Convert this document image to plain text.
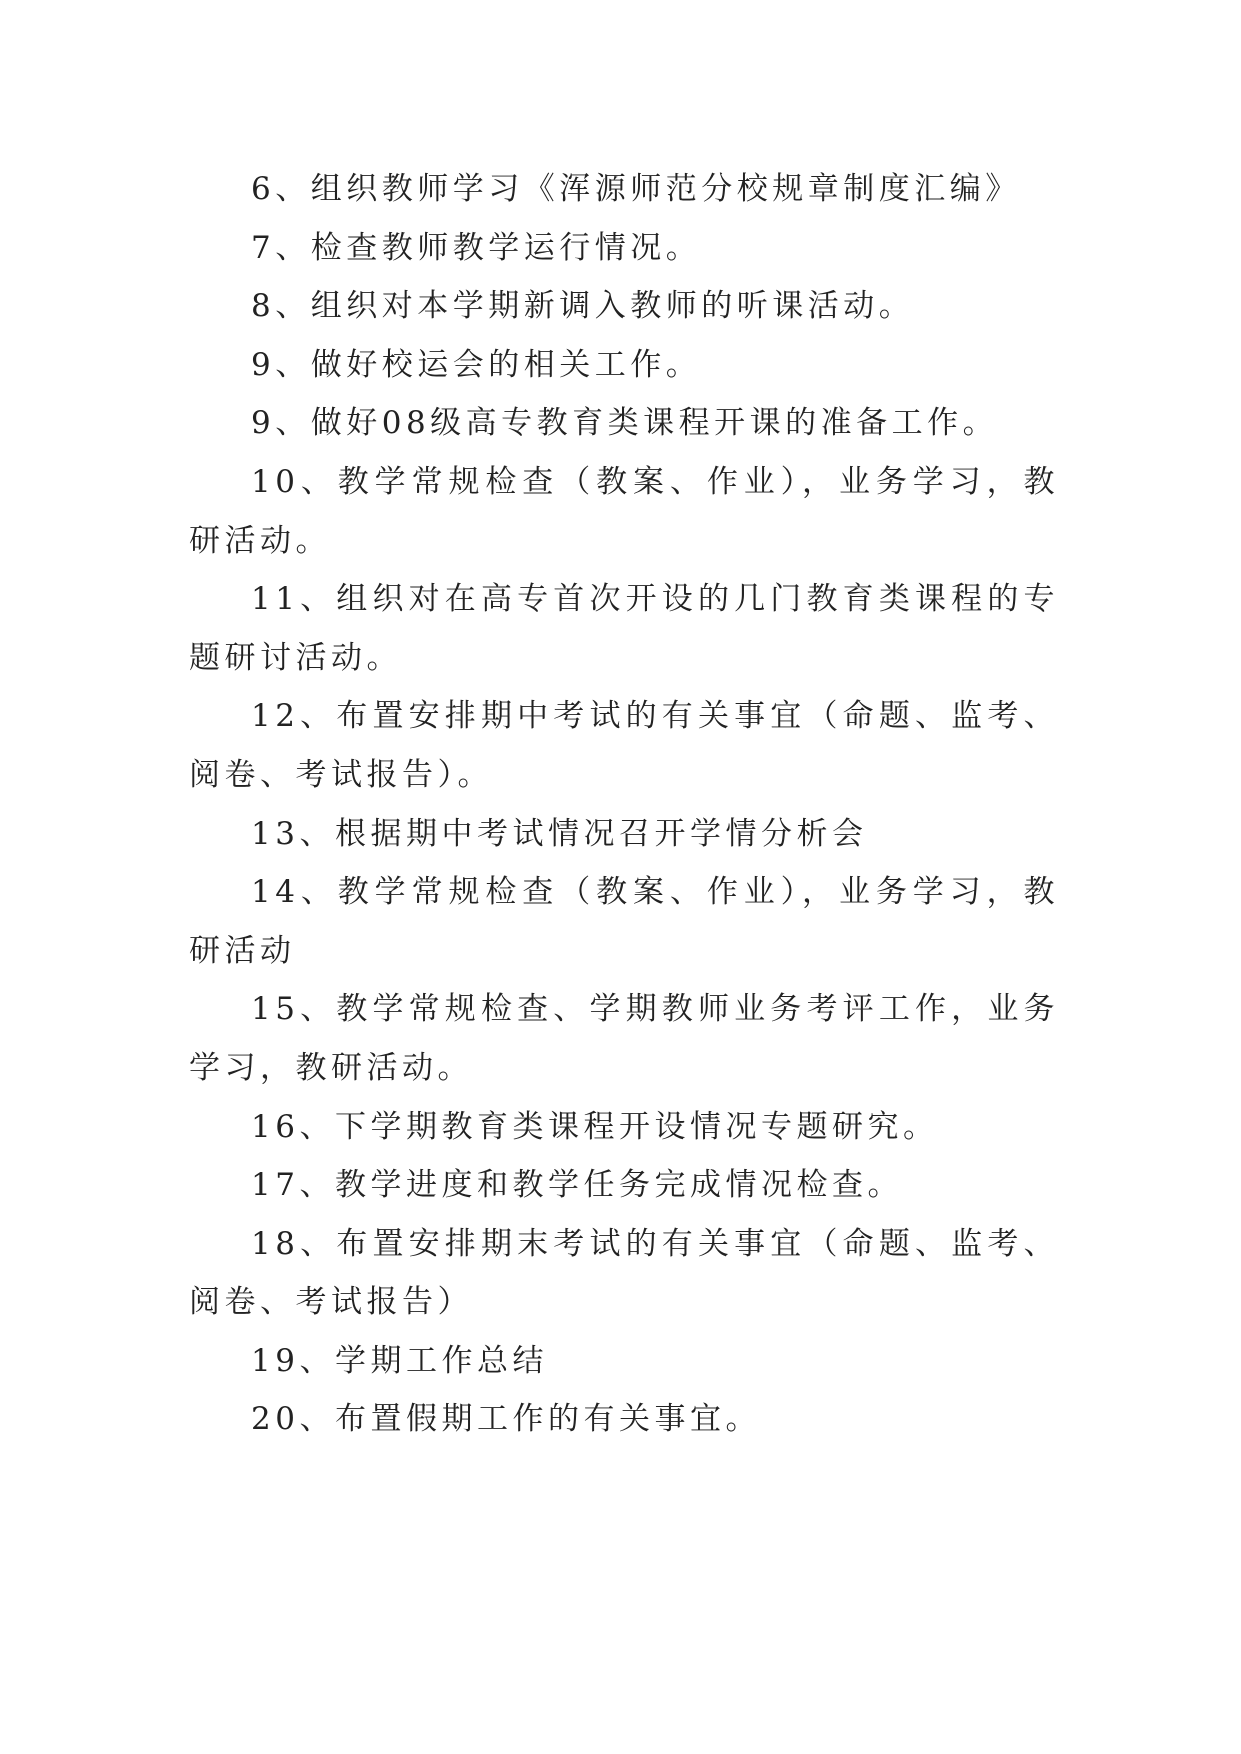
6、组织教师学习《浑源师范分校规章制度汇编》

7、检查教师教学运行情况。

8、组织对本学期新调入教师的听课活动。

9、做好校运会的相关工作。

9、做好08级高专教育类课程开课的准备工作。

10、教学常规检查（教案、作业），业务学习，教研活动。

11、组织对在高专首次开设的几门教育类课程的专题研讨活动。

12、布置安排期中考试的有关事宜（命题、监考、阅卷、考试报告）。

13、根据期中考试情况召开学情分析会

14、教学常规检查（教案、作业），业务学习，教研活动

15、教学常规检查、学期教师业务考评工作，业务学习，教研活动。

16、下学期教育类课程开设情况专题研究。

17、教学进度和教学任务完成情况检查。

18、布置安排期末考试的有关事宜（命题、监考、阅卷、考试报告）

19、学期工作总结

20、布置假期工作的有关事宜。
